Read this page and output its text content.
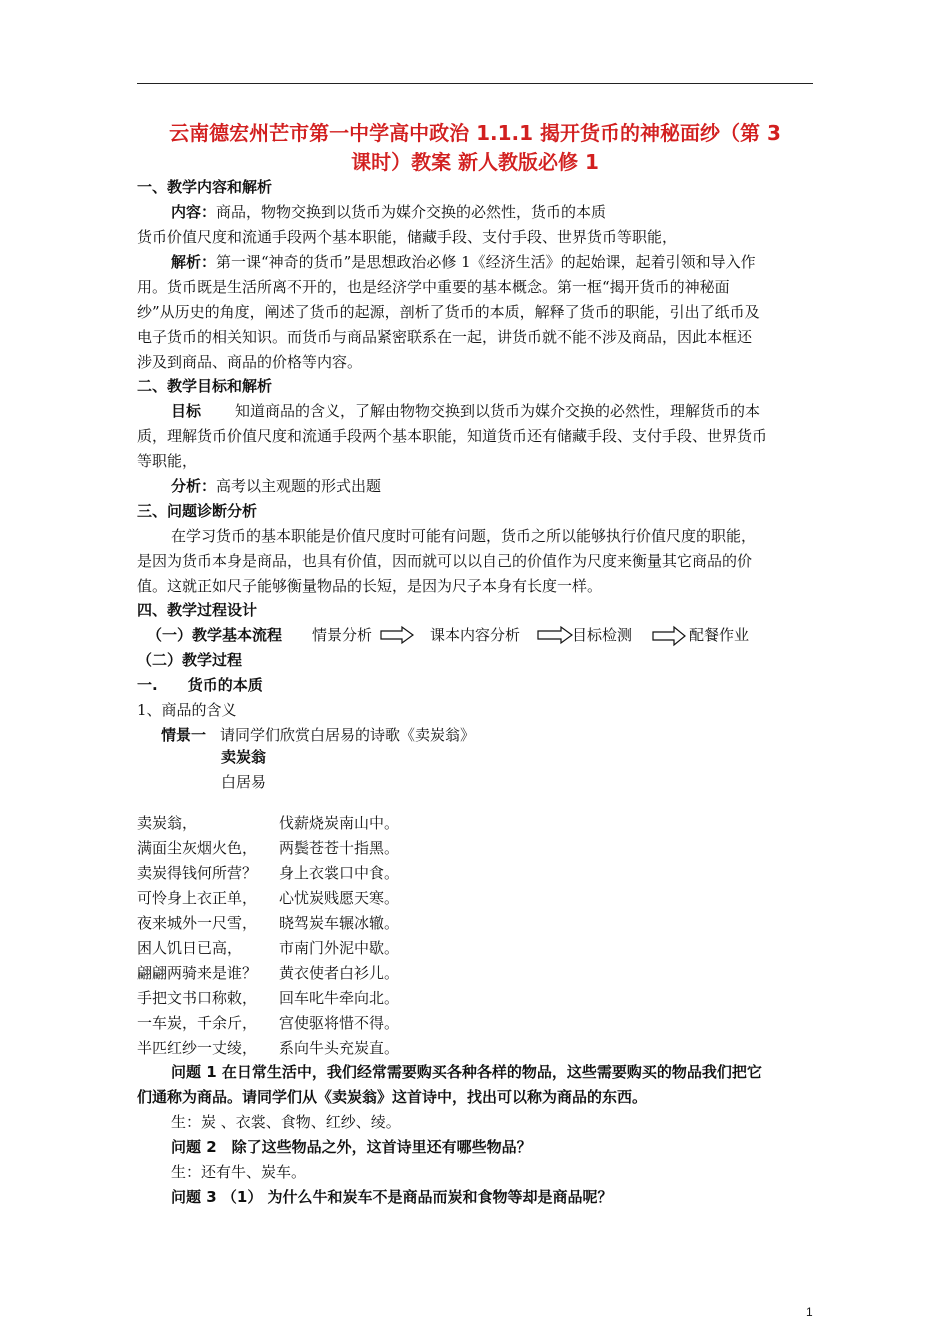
云南德宏州芒市第一中学高中政治 1.1.1 揭开货币的神秘面纱（第 3
课时）教案 新人教版必修 1
一、教学内容和解析
内容：商品，物物交换到以货币为媒介交换的必然性，货币的本质
货币价值尺度和流通手段两个基本职能，储藏手段、支付手段、世界货币等职能，
解析：第一课“神奇的货币”是思想政治必修 1《经济生活》的起始课，起着引领和导入作
用。货币既是生活所离不开的，也是经济学中重要的基本概念。第一框“揭开货币的神秘面
纱”从历史的角度，阐述了货币的起源，剖析了货币的本质，解释了货币的职能，引出了纸币及
电子货币的相关知识。而货币与商品紧密联系在一起，讲货币就不能不涉及商品，因此本框还
涉及到商品、商品的价格等内容。
二、教学目标和解析
目标 知道商品的含义，了解由物物交换到以货币为媒介交换的必然性，理解货币的本
质，理解货币价值尺度和流通手段两个基本职能，知道货币还有储藏手段、支付手段、世界货币
等职能，
分析：高考以主观题的形式出题
三、问题诊断分析
在学习货币的基本职能是价值尺度时可能有问题，货币之所以能够执行价值尺度的职能，
是因为货币本身是商品，也具有价值，因而就可以以自己的价值作为尺度来衡量其它商品的价
值。这就正如尺子能够衡量物品的长短，是因为尺子本身有长度一样。
四、教学过程设计
（一）教学基本流程 情景分析	课本内容分析	目标检测	配餐作业
（二）教学过程
一.　　货币的本质
1、商品的含义
情景一 请同学们欣赏白居易的诗歌《卖炭翁》
卖炭翁
白居易
卖炭翁，	伐薪烧炭南山中。
满面尘灰烟火色， 两鬓苍苍十指黑。
卖炭得钱何所营？ 身上衣裳口中食。
可怜身上衣正单， 心忧炭贱愿天寒。
夜来城外一尺雪， 晓驾炭车辗冰辙。
困人饥日已高， 市南门外泥中歇。
翩翩两骑来是谁？ 黄衣使者白衫儿。
手把文书口称敕， 回车叱牛牵向北。
一车炭，千余斤， 宫使驱将惜不得。
半匹红纱一丈绫， 系向牛头充炭直。
问题 1 在日常生活中，我们经常需要购买各种各样的物品，这些需要购买的物品我们把它
们通称为商品。请同学们从《卖炭翁》这首诗中，找出可以称为商品的东西。
生：炭 、衣裳、食物、红纱、绫。
问题 2　除了这些物品之外，这首诗里还有哪些物品？
生：还有牛、炭车。
问题 3 （1） 为什么牛和炭车不是商品而炭和食物等却是商品呢？
1
